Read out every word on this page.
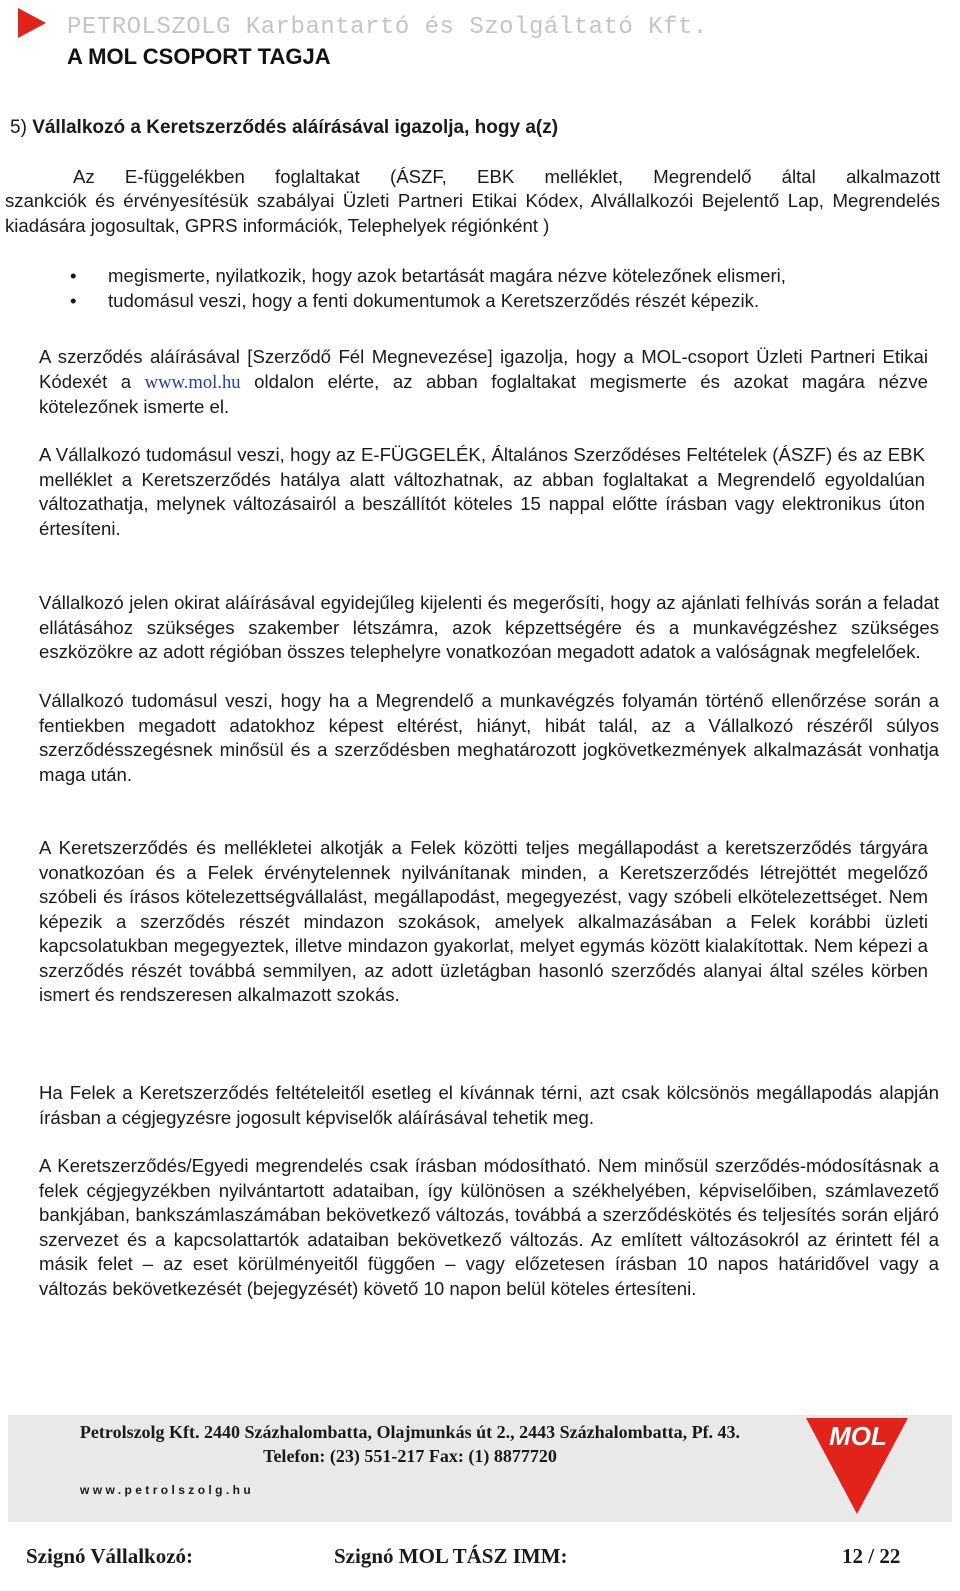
PETROLSZOLG Karbantartó és Szolgáltató Kft.
A MOL CSOPORT TAGJA
5) Vállalkozó a Keretszerződés aláírásával igazolja, hogy a(z)
Az E-függelékben foglaltakat (ÁSZF, EBK melléklet, Megrendelő által alkalmazott
szankciók és érvényesítésük szabályai Üzleti Partneri Etikai Kódex, Alvállalkozói Bejelentő Lap, Megrendelés kiadására jogosultak, GPRS információk, Telephelyek régiónként )
• megismerte, nyilatkozik, hogy azok betartását magára nézve kötelezőnek elismeri,
• tudomásul veszi, hogy a fenti dokumentumok a Keretszerződés részét képezik.
A szerződés aláírásával [Szerződő Fél Megnevezése] igazolja, hogy a MOL-csoport Üzleti Partneri Etikai Kódexét a www.mol.hu oldalon elérte, az abban foglaltakat megismerte és azokat magára nézve kötelezőnek ismerte el.
A Vállalkozó tudomásul veszi, hogy az E-FÜGGELÉK, Általános Szerződéses Feltételek (ÁSZF) és az EBK melléklet a Keretszerződés hatálya alatt változhatnak, az abban foglaltakat a Megrendelő egyoldalúan változathatja, melynek változásairól a beszállítót köteles 15 nappal előtte írásban vagy elektronikus úton értesíteni.
Vállalkozó jelen okirat aláírásával egyidejűleg kijelenti és megerősíti, hogy az ajánlati felhívás során a feladat ellátásához szükséges szakember létszámra, azok képzettségére és a munkavégzéshez szükséges eszközökre az adott régióban összes telephelyre vonatkozóan megadott adatok a valóságnak megfelelőek.
Vállalkozó tudomásul veszi, hogy ha a Megrendelő a munkavégzés folyamán történő ellenőrzése során a fentiekben megadott adatokhoz képest eltérést, hiányt, hibát talál, az a Vállalkozó részéről súlyos szerződésszegésnek minősül és a szerződésben meghatározott jogkövetkezmények alkalmazását vonhatja maga után.
A Keretszerződés és mellékletei alkotják a Felek közötti teljes megállapodást a keretszerződés tárgyára vonatkozóan és a Felek érvénytelennek nyilvánítanak minden, a Keretszerződés létrejöttét megelőző szóbeli és írásos kötelezettségvállalást, megállapodást, megegyezést, vagy szóbeli elkötelezettséget. Nem képezik a szerződés részét mindazon szokások, amelyek alkalmazásában a Felek korábbi üzleti kapcsolatukban megegyeztek, illetve mindazon gyakorlat, melyet egymás között kialakítottak. Nem képezi a szerződés részét továbbá semmilyen, az adott üzletágban hasonló szerződés alanyai által széles körben ismert és rendszeresen alkalmazott szokás.
Ha Felek a Keretszerződés feltételeitől esetleg el kívánnak térni, azt csak kölcsönös megállapodás alapján írásban a cégjegyzésre jogosult képviselők aláírásával tehetik meg.
A Keretszerződés/Egyedi megrendelés csak írásban módosítható. Nem minősül szerződés-módosításnak a felek cégjegyzékben nyilvántartott adataiban, így különösen a székhelyében, képviselőiben, számlavezető bankjában, bankszámlaszámában bekövetkező változás, továbbá a szerződéskötés és teljesítés során eljáró szervezet és a kapcsolattartók adataiban bekövetkező változás. Az említett változásokról az érintett fél a másik felet – az eset körülményeitől függően – vagy előzetesen írásban 10 napos határidővel vagy a változás bekövetkezését (bejegyzését) követő 10 napon belül köteles értesíteni.
Petrolszolg Kft. 2440 Százhalombatta, Olajmunkás út 2., 2443 Százhalombatta, Pf. 43.
Telefon: (23) 551-217 Fax: (1) 8877720
www.petrolszolg.hu
MOL
Szignó Vállalkozó:	Szignó MOL TÁSZ IMM:	12 / 22
